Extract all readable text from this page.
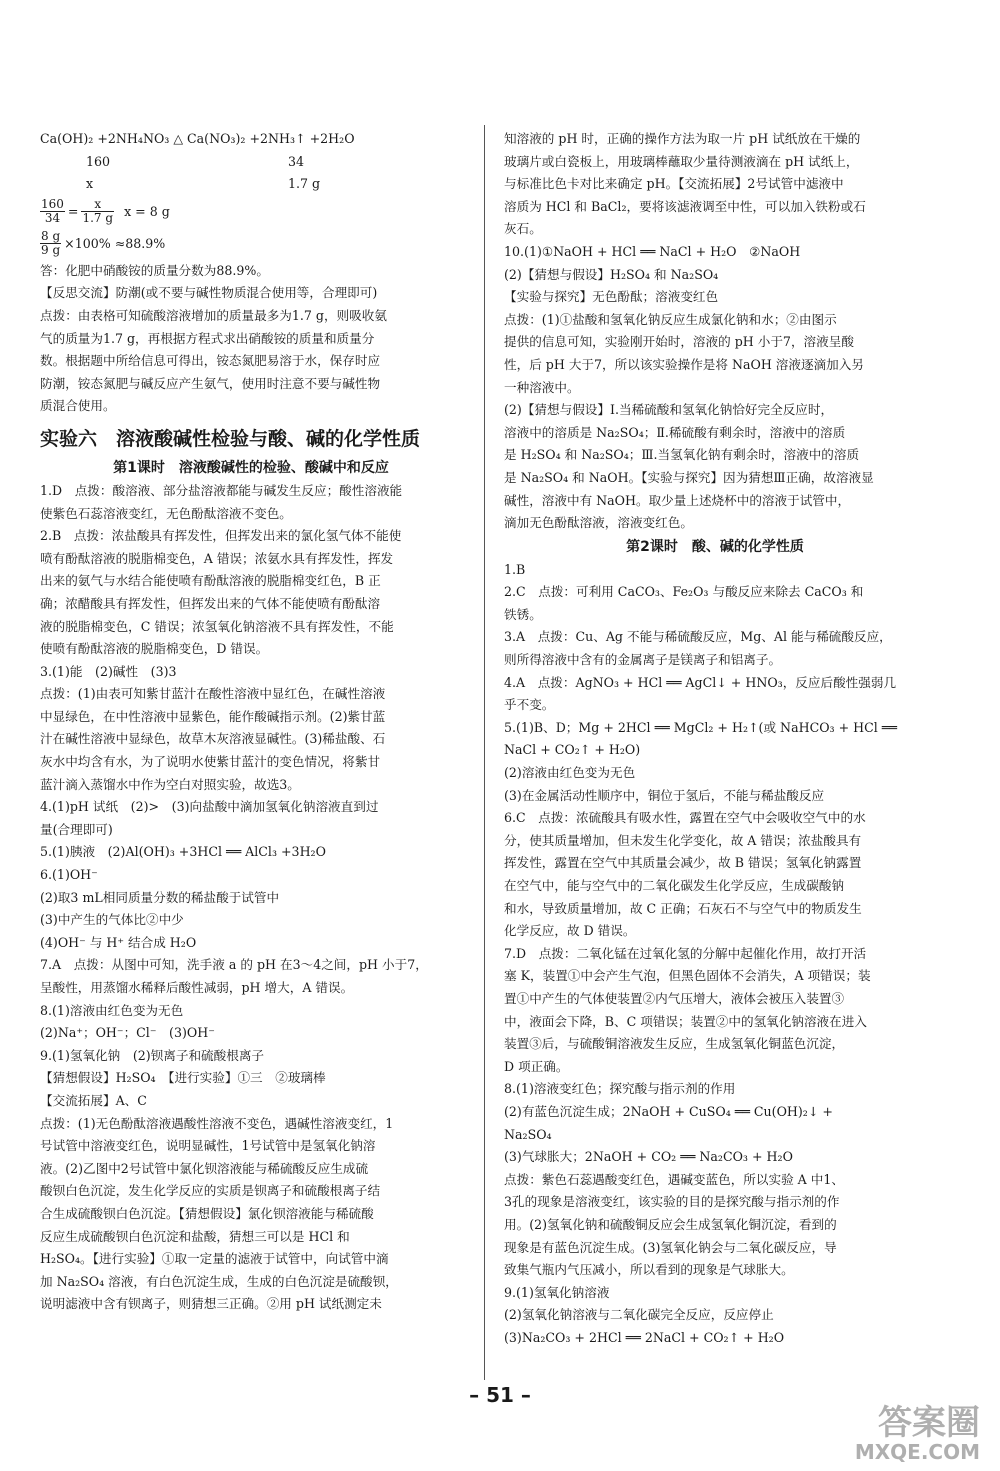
Ca(OH)₂ +2NH₄NO₃ △ Ca(NO₃)₂ +2NH₃↑ +2H₂O
160	34
x	1.7 g
$\frac{160}{34} = \frac{x}{1.7 g}$ x = 8 g
$\frac{8 g}{9 g} \times 100\% \approx 88.9\%$
答：化肥中硝酸铵的质量分数为88.9%。
【反思交流】防潮(或不要与碱性物质混合使用等，合理即可)
点拨：由表格可知硫酸溶液增加的质量最多为1.7 g，则吸收氨
气的质量为1.7 g，再根据方程式求出硝酸铵的质量和质量分
数。根据题中所给信息可得出，铵态氮肥易溶于水，保存时应
防潮，铵态氮肥与碱反应产生氨气，使用时注意不要与碱性物
质混合使用。
实验六　溶液酸碱性检验与酸、碱的化学性质
第1课时　溶液酸碱性的检验、酸碱中和反应
1.D　点拨：酸溶液、部分盐溶液都能与碱发生反应；酸性溶液能
使紫色石蕊溶液变红，无色酚酞溶液不变色。
2.B　点拨：浓盐酸具有挥发性，但挥发出来的氯化氢气体不能使
喷有酚酞溶液的脱脂棉变色，A 错误；浓氨水具有挥发性，挥发
出来的氨气与水结合能使喷有酚酞溶液的脱脂棉变红色，B 正
确；浓醋酸具有挥发性，但挥发出来的气体不能使喷有酚酞溶
液的脱脂棉变色，C 错误；浓氢氧化钠溶液不具有挥发性，不能
使喷有酚酞溶液的脱脂棉变色，D 错误。
3.(1)能　(2)碱性　(3)3
点拨：(1)由表可知紫甘蓝汁在酸性溶液中显红色，在碱性溶液
中显绿色，在中性溶液中显紫色，能作酸碱指示剂。(2)紫甘蓝
汁在碱性溶液中显绿色，故草木灰溶液显碱性。(3)稀盐酸、石
灰水中均含有水，为了说明水使紫甘蓝汁的变色情况，将紫甘
蓝汁滴入蒸馏水中作为空白对照实验，故选3。
4.(1)pH 试纸　(2)>　(3)向盐酸中滴加氢氧化钠溶液直到过
量(合理即可)
5.(1)胰液　(2)Al(OH)₃ +3HCl ══ AlCl₃ +3H₂O
6.(1)OH⁻
(2)取3 mL相同质量分数的稀盐酸于试管中
(3)中产生的气体比②中少
(4)OH⁻ 与 H⁺ 结合成 H₂O
7.A　点拨：从图中可知，洗手液 a 的 pH 在3～4之间，pH 小于7，
呈酸性，用蒸馏水稀释后酸性减弱，pH 增大，A 错误。
8.(1)溶液由红色变为无色
(2)Na⁺；OH⁻；Cl⁻　(3)OH⁻
9.(1)氢氧化钠　(2)钡离子和硫酸根离子
【猜想假设】H₂SO₄　【进行实验】①三　②玻璃棒
【交流拓展】A、C
点拨：(1)无色酚酞溶液遇酸性溶液不变色，遇碱性溶液变红，1
号试管中溶液变红色，说明显碱性，1号试管中是氢氧化钠溶
液。(2)乙图中2号试管中氯化钡溶液能与稀硫酸反应生成硫
酸钡白色沉淀，发生化学反应的实质是钡离子和硫酸根离子结
合生成硫酸钡白色沉淀。【猜想假设】氯化钡溶液能与稀硫酸
反应生成硫酸钡白色沉淀和盐酸，猜想三可以是 HCl 和
H₂SO₄。【进行实验】①取一定量的滤液于试管中，向试管中滴
加 Na₂SO₄ 溶液，有白色沉淀生成，生成的白色沉淀是硫酸钡，
说明滤液中含有钡离子，则猜想三正确。②用 pH 试纸测定未
知溶液的 pH 时，正确的操作方法为取一片 pH 试纸放在干燥的
玻璃片或白瓷板上，用玻璃棒蘸取少量待测液滴在 pH 试纸上，
与标准比色卡对比来确定 pH。【交流拓展】2号试管中滤液中
溶质为 HCl 和 BaCl₂，要将该滤液调至中性，可以加入铁粉或石
灰石。
10.(1)①NaOH + HCl ══ NaCl + H₂O　②NaOH
(2)【猜想与假设】H₂SO₄ 和 Na₂SO₄
【实验与探究】无色酚酞；溶液变红色
点拨：(1)①盐酸和氢氧化钠反应生成氯化钠和水；②由图示
提供的信息可知，实验刚开始时，溶液的 pH 小于7，溶液呈酸
性，后 pH 大于7，所以该实验操作是将 NaOH 溶液逐滴加入另
一种溶液中。
(2)【猜想与假设】Ⅰ.当稀硫酸和氢氧化钠恰好完全反应时，
溶液中的溶质是 Na₂SO₄；Ⅱ.稀硫酸有剩余时，溶液中的溶质
是 H₂SO₄ 和 Na₂SO₄；Ⅲ.当氢氧化钠有剩余时，溶液中的溶质
是 Na₂SO₄ 和 NaOH。【实验与探究】因为猜想Ⅲ正确，故溶液显
碱性，溶液中有 NaOH。取少量上述烧杯中的溶液于试管中，
滴加无色酚酞溶液，溶液变红色。
第2课时　酸、碱的化学性质
1.B
2.C　点拨：可利用 CaCO₃、Fe₂O₃ 与酸反应来除去 CaCO₃ 和
铁锈。
3.A　点拨：Cu、Ag 不能与稀硫酸反应，Mg、Al 能与稀硫酸反应，
则所得溶液中含有的金属离子是镁离子和铝离子。
4.A　点拨：AgNO₃ + HCl ══ AgCl↓ + HNO₃，反应后酸性强弱几
乎不变。
5.(1)B、D；Mg + 2HCl ══ MgCl₂ + H₂↑(或 NaHCO₃ + HCl ══
NaCl + CO₂↑ + H₂O)
(2)溶液由红色变为无色
(3)在金属活动性顺序中，铜位于氢后，不能与稀盐酸反应
6.C　点拨：浓硫酸具有吸水性，露置在空气中会吸收空气中的水
分，使其质量增加，但未发生化学变化，故 A 错误；浓盐酸具有
挥发性，露置在空气中其质量会减少，故 B 错误；氢氧化钠露置
在空气中，能与空气中的二氧化碳发生化学反应，生成碳酸钠
和水，导致质量增加，故 C 正确；石灰石不与空气中的物质发生
化学反应，故 D 错误。
7.D　点拨：二氧化锰在过氧化氢的分解中起催化作用，故打开活
塞 K，装置①中会产生气泡，但黑色固体不会消失，A 项错误；装
置①中产生的气体使装置②内气压增大，液体会被压入装置③
中，液面会下降，B、C 项错误；装置②中的氢氧化钠溶液在进入
装置③后，与硫酸铜溶液发生反应，生成氢氧化铜蓝色沉淀，
D 项正确。
8.(1)溶液变红色；探究酸与指示剂的作用
(2)有蓝色沉淀生成；2NaOH + CuSO₄ ══ Cu(OH)₂↓ +
Na₂SO₄
(3)气球胀大；2NaOH + CO₂ ══ Na₂CO₃ + H₂O
点拨：紫色石蕊遇酸变红色，遇碱变蓝色，所以实验 A 中1、
3孔的现象是溶液变红，该实验的目的是探究酸与指示剂的作
用。(2)氢氧化钠和硫酸铜反应会生成氢氧化铜沉淀，看到的
现象是有蓝色沉淀生成。(3)氢氧化钠会与二氧化碳反应，导
致集气瓶内气压减小，所以看到的现象是气球胀大。
9.(1)氢氧化钠溶液
(2)氢氧化钠溶液与二氧化碳完全反应，反应停止
(3)Na₂CO₃ + 2HCl ══ 2NaCl + CO₂↑ + H₂O
– 51 –
答案圈
MXQE.COM
